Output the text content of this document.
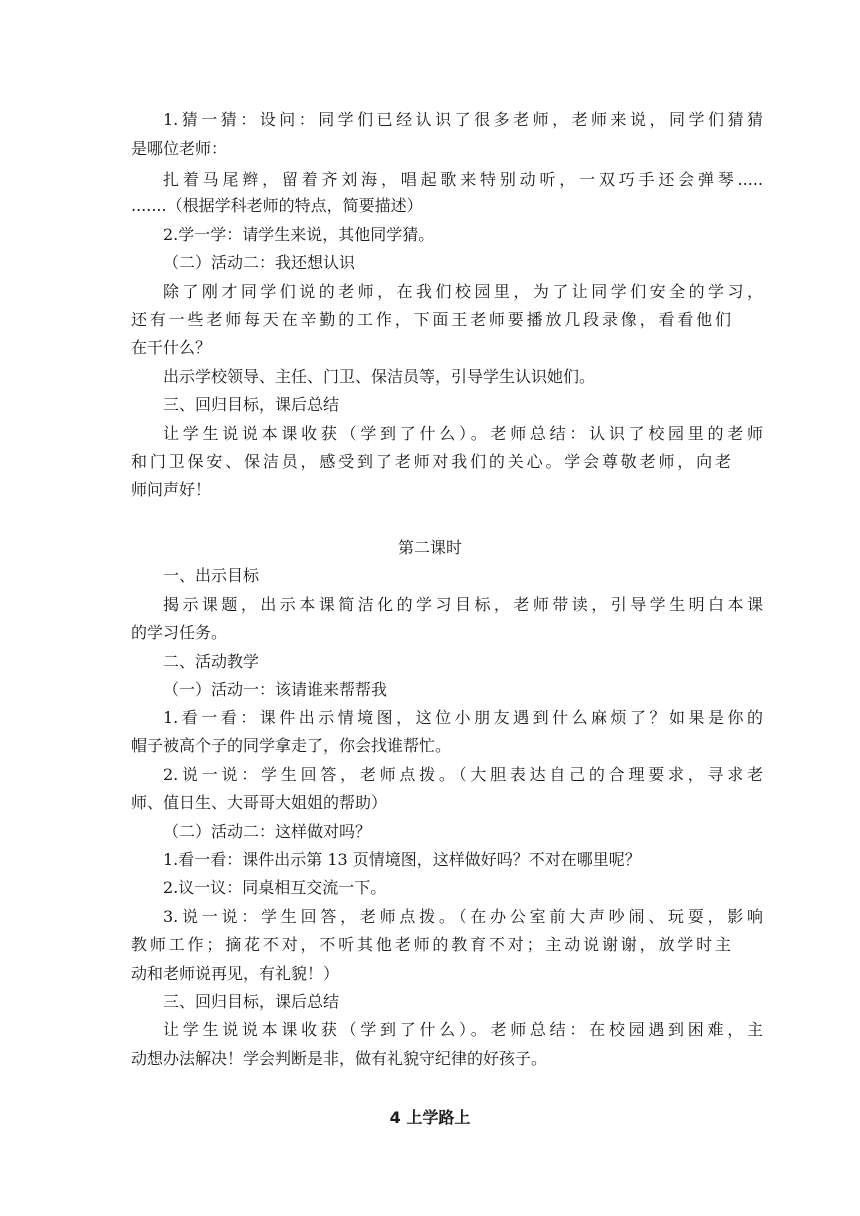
1.猜一猜：设问：同学们已经认识了很多老师，老师来说，同学们猜猜
是哪位老师：
扎着马尾辫，留着齐刘海，唱起歌来特别动听，一双巧手还会弹琴.....
.......（根据学科老师的特点，简要描述）
2.学一学：请学生来说，其他同学猜。
（二）活动二：我还想认识
除了刚才同学们说的老师，在我们校园里，为了让同学们安全的学习，
还有一些老师每天在辛勤的工作，下面王老师要播放几段录像，看看他们
在干什么？
出示学校领导、主任、门卫、保洁员等，引导学生认识她们。
三、回归目标，课后总结
让学生说说本课收获（学到了什么）。老师总结：认识了校园里的老师
和门卫保安、保洁员，感受到了老师对我们的关心。学会尊敬老师，向老
师问声好！
第二课时
一、出示目标
揭示课题，出示本课简洁化的学习目标，老师带读，引导学生明白本课
的学习任务。
二、活动教学
（一）活动一：该请谁来帮帮我
1.看一看：课件出示情境图，这位小朋友遇到什么麻烦了？如果是你的
帽子被高个子的同学拿走了，你会找谁帮忙。
2.说一说：学生回答，老师点拨。（大胆表达自己的合理要求，寻求老
师、值日生、大哥哥大姐姐的帮助）
（二）活动二：这样做对吗？
1.看一看：课件出示第 13 页情境图，这样做好吗？不对在哪里呢？
2.议一议：同桌相互交流一下。
3.说一说：学生回答，老师点拨。（在办公室前大声吵闹、玩耍，影响
教师工作；摘花不对，不听其他老师的教育不对；主动说谢谢，放学时主
动和老师说再见，有礼貌！）
三、回归目标，课后总结
让学生说说本课收获（学到了什么）。老师总结：在校园遇到困难，主
动想办法解决！学会判断是非，做有礼貌守纪律的好孩子。
4 上学路上
